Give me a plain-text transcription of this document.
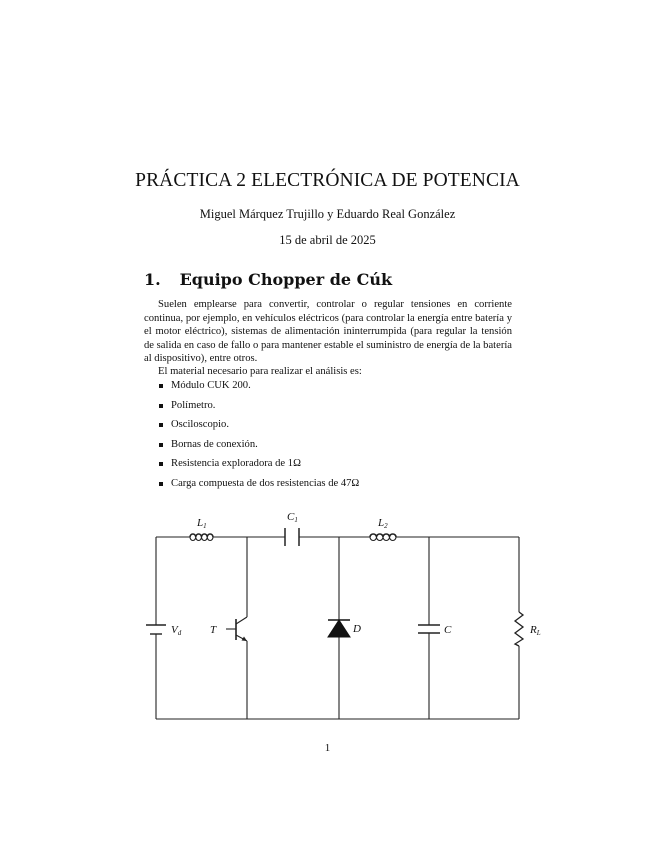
PRÁCTICA 2 ELECTRÓNICA DE POTENCIA
Miguel Márquez Trujillo y Eduardo Real González
15 de abril de 2025
1. Equipo Chopper de Cúk
Suelen emplearse para convertir, controlar o regular tensiones en corriente continua, por ejemplo, en vehículos eléctricos (para controlar la energía entre batería y el motor eléctrico), sistemas de alimentación ininterrumpida (para regular la tensión de salida en caso de fallo o para mantener estable el suministro de energía de la batería al dispositivo), entre otros.
El material necesario para realizar el análisis es:
Módulo CUK 200.
Polímetro.
Osciloscopio.
Bornas de conexión.
Resistencia exploradora de 1Ω
Carga compuesta de dos resistencias de 47Ω
L1
C1	L2
Vd	T	D	C	RL
1
